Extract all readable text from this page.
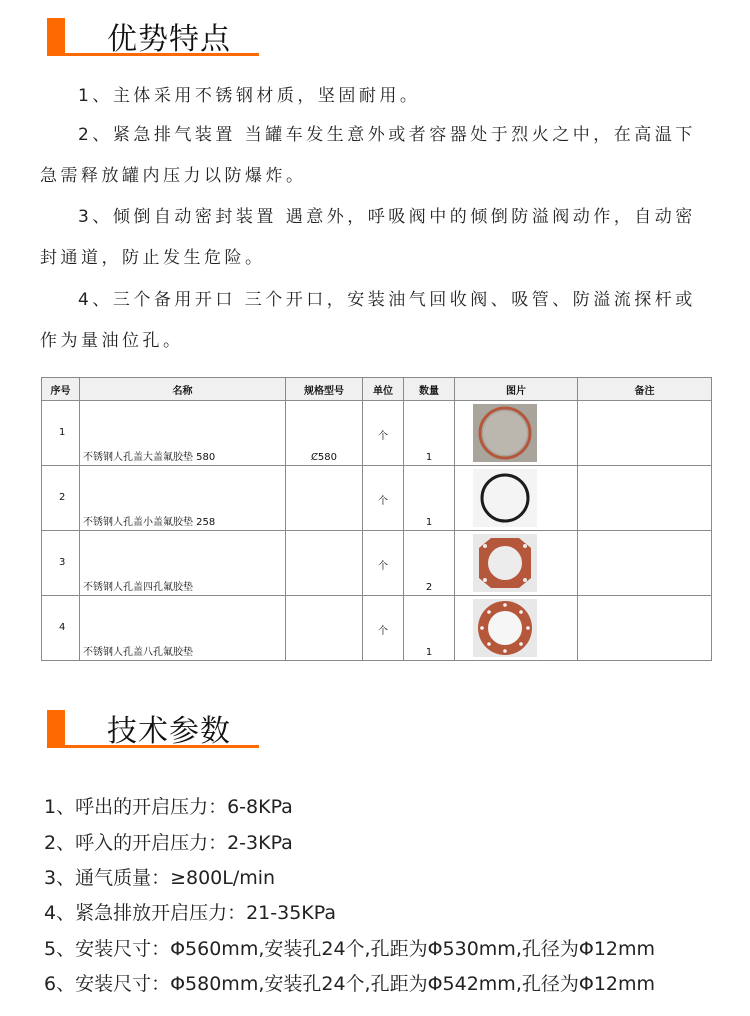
优势特点
1、主体采用不锈钢材质，坚固耐用。
2、紧急排气装置 当罐车发生意外或者容器处于烈火之中，在高温下急需释放罐内压力以防爆炸。
3、倾倒自动密封装置 遇意外，呼吸阀中的倾倒防溢阀动作，自动密封通道，防止发生危险。
4、三个备用开口 三个开口，安装油气回收阀、吸管、防溢流探杆或作为量油位孔。
序号	名称	规格型号	单位	数量	图片	备注

1	不锈钢人孔盖大盖氟胶垫 580	Ȼ580	个	1

2	不锈钢人孔盖小盖氟胶垫 258		个	1

3	不锈钢人孔盖四孔氟胶垫		个	2

4	不锈钢人孔盖八孔氟胶垫		个	1

技术参数
1、呼出的开启压力：6-8KPa
2、呼入的开启压力：2-3KPa
3、通气质量：≥800L/min
4、紧急排放开启压力：21-35KPa
5、安装尺寸：Φ560mm,安装孔24个,孔距为Φ530mm,孔径为Φ12mm
6、安装尺寸：Φ580mm,安装孔24个,孔距为Φ542mm,孔径为Φ12mm
